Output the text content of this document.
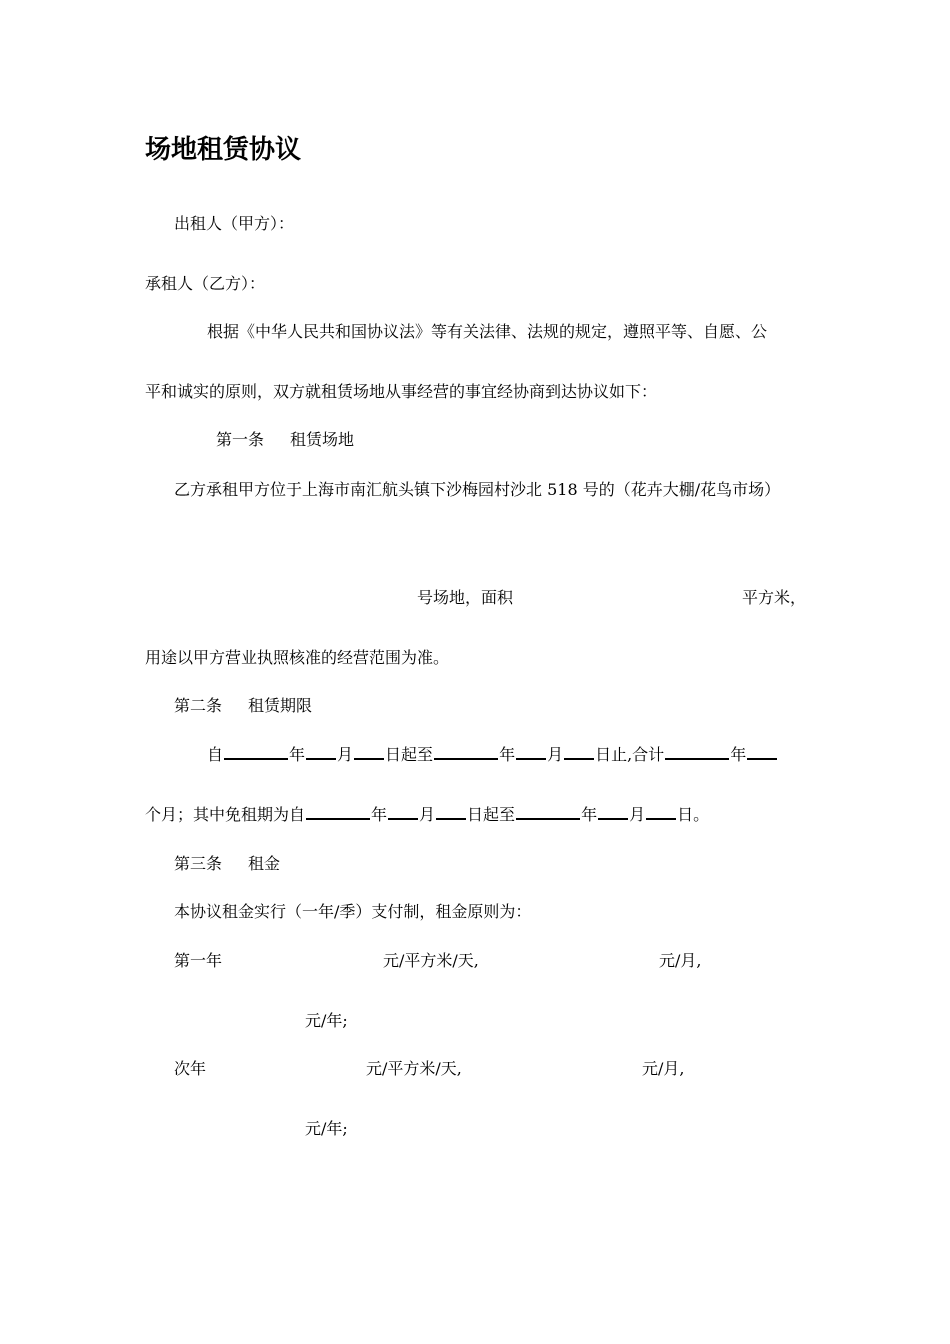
场地租赁协议
出租人（甲方）：
承租人（乙方）：
根据《中华人民共和国协议法》等有关法律、法规的规定，遵照平等、自愿、公
平和诚实的原则，双方就租赁场地从事经营的事宜经协商到达协议如下：
第一条 租赁场地
乙方承租甲方位于上海市南汇航头镇下沙梅园村沙北 518 号的（花卉大棚/花鸟市场）
号场地，面积	平方米，
用途以甲方营业执照核准的经营范围为准。
第二条 租赁期限
自	年 月 日起至	年 月 日止,合计	年
个月；其中免租期为自	年 月 日起至	年 月 日。
第三条 租金
本协议租金实行（一年/季）支付制，租金原则为：
第一年	元/平方米/天,	元/月,
元/年;
次年	元/平方米/天,	元/月,
元/年;
